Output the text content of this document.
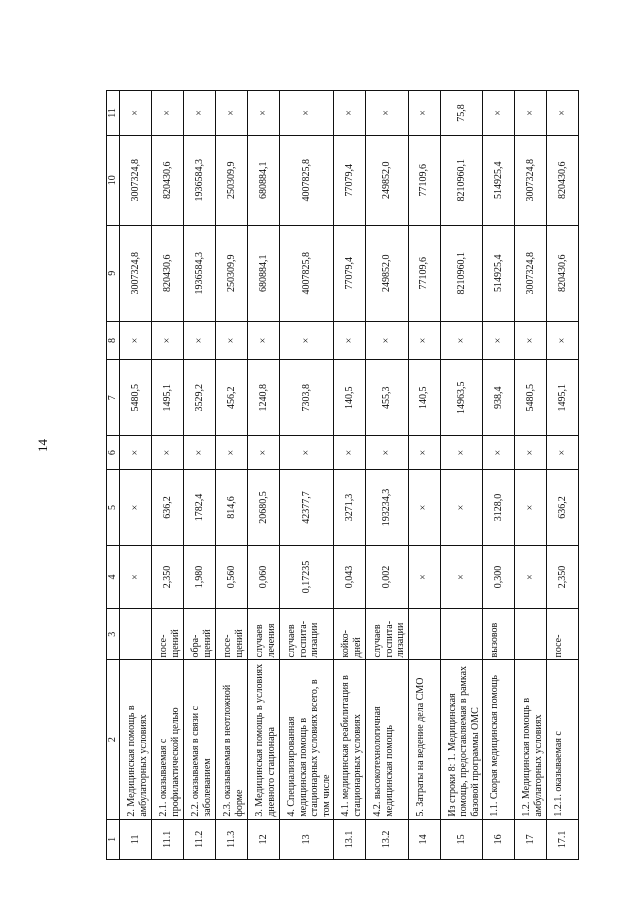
14
1	2	3	4	5	6	7	8	9	10	11
11	2. Медицинская помощь в амбулаторных условиях		×	×	×	5480,5	×	3007324,8	3007324,8	×
11.1	2.1. оказываемая с профилактической целью	посе-щений	2,350	636,2	×	1495,1	×	820430,6	820430,6	×
11.2	2.2. оказываемая в связи с заболеванием	обра-щений	1,980	1782,4	×	3529,2	×	1936584,3	1936584,3	×
11.3	2.3. оказываемая в неотложной форме	посе-щений	0,560	814,6	×	456,2	×	250309,9	250309,9	×
12	3. Медицинская помощь в условиях дневного стационара	случаев лечения	0,060	20680,5	×	1240,8	×	680884,1	680884,1	×
13	4. Специализированная медицинская помощь в стационарных условиях всего, в том числе	случаев госпита-лизации	0,17235	42377,7	×	7303,8	×	4007825,8	4007825,8	×
13.1	4.1. медицинская реабилитация в стационарных условиях	койко-дней	0,043	3271,3	×	140,5	×	77079,4	77079,4	×
13.2	4.2. высокотехнологичная медицинская помощь	случаев госпита-лизации	0,002	193234,3	×	455,3	×	249852,0	249852,0	×
14	5. Затраты на ведение дела СМО		×	×	×	140,5	×	77109,6	77109,6	×
15	Из строки 8: 1. Медицинская помощь, предоставляемая в рамках базовой программы ОМС		×	×	×	14963,5	×	8210960,1	8210960,1	75,8
16	1.1. Скорая медицинская помощь	вызовов	0,300	3128,0	×	938,4	×	514925,4	514925,4	×
17	1.2. Медицинская помощь в амбулаторных условиях		×	×	×	5480,5	×	3007324,8	3007324,8	×
17.1	1.2.1. оказываемая с	посе-	2,350	636,2	×	1495,1	×	820430,6	820430,6	×
